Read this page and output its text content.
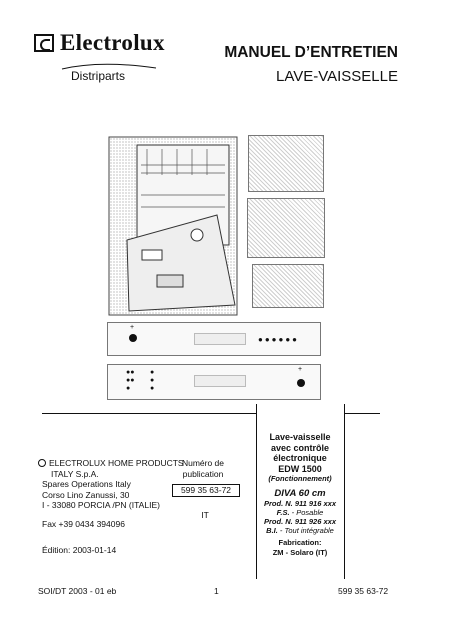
Electrolux
Distriparts
MANUEL D’ENTRETIEN
LAVE-VAISSELLE
+
●●●●●●
●●
●●
●
●
●
●
+
ELECTROLUX HOME PRODUCTS
ITALY S.p.A.
Spares Operations Italy
Corso Lino Zanussi, 30
I - 33080 PORCIA /PN (ITALIE)
Fax +39 0434 394096
Édition: 2003-01-14
Numéro de
publication
599 35 63-72
IT
Lave-vaisselle
avec contrôle
électronique
EDW 1500
(Fonctionnement)
DIVA 60 cm
Prod. N. 911 916 xxx
F.S. - Posable
Prod. N. 911 926 xxx
B.I. - Tout intégrable
Fabrication:
ZM - Solaro (IT)
SOI/DT 2003 - 01 eb	1	599 35 63-72
